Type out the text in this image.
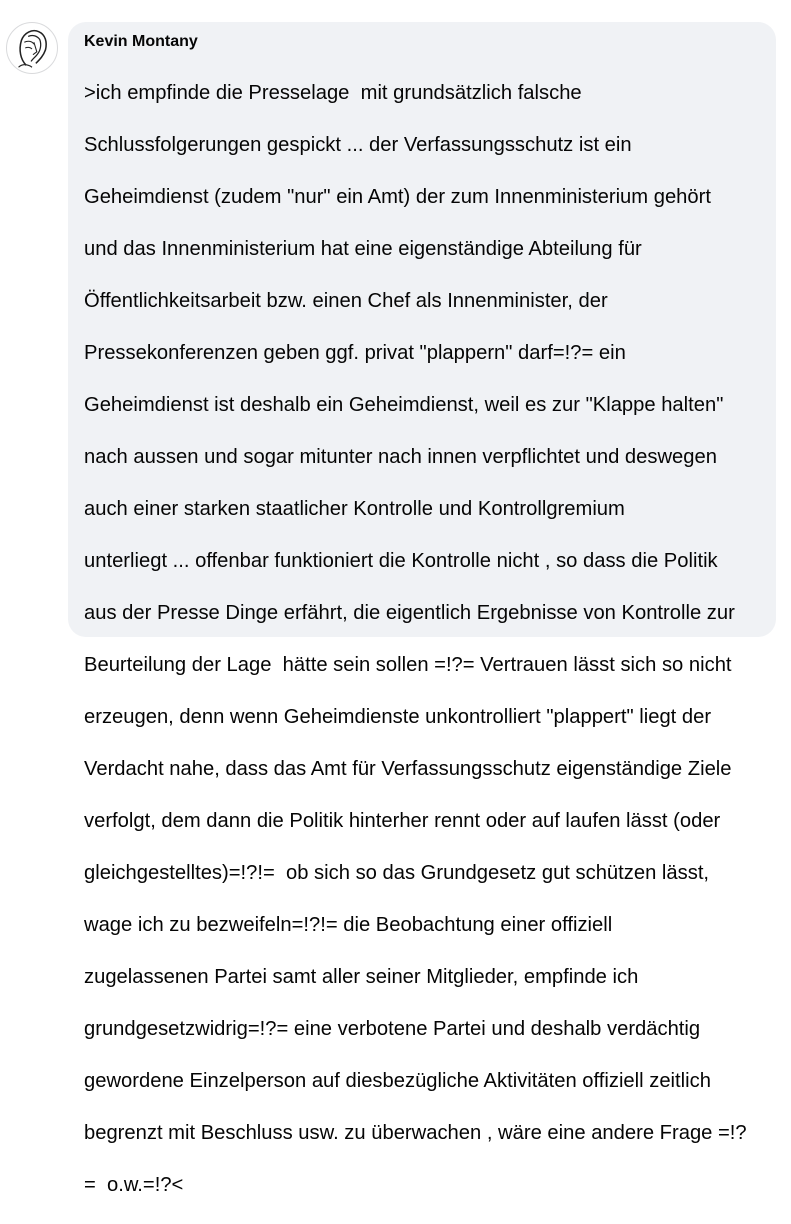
Kevin Montany

>ich empfinde die Presselage  mit grundsätzlich falsche

Schlussfolgerungen gespickt ... der Verfassungsschutz ist ein

Geheimdienst (zudem "nur" ein Amt) der zum Innenministerium gehört

und das Innenministerium hat eine eigenständige Abteilung für

Öffentlichkeitsarbeit bzw. einen Chef als Innenminister, der

Pressekonferenzen geben ggf. privat "plappern" darf=!?= ein

Geheimdienst ist deshalb ein Geheimdienst, weil es zur "Klappe halten"

nach aussen und sogar mitunter nach innen verpflichtet und deswegen

auch einer starken staatlicher Kontrolle und Kontrollgremium

unterliegt ... offenbar funktioniert die Kontrolle nicht , so dass die Politik

aus der Presse Dinge erfährt, die eigentlich Ergebnisse von Kontrolle zur

Beurteilung der Lage  hätte sein sollen =!?= Vertrauen lässt sich so nicht

erzeugen, denn wenn Geheimdienste unkontrolliert "plappert" liegt der

Verdacht nahe, dass das Amt für Verfassungsschutz eigenständige Ziele

verfolgt, dem dann die Politik hinterher rennt oder auf laufen lässt (oder

gleichgestelltes)=!?!=  ob sich so das Grundgesetz gut schützen lässt,

wage ich zu bezweifeln=!?!= die Beobachtung einer offiziell

zugelassenen Partei samt aller seiner Mitglieder, empfinde ich

grundgesetzwidrig=!?= eine verbotene Partei und deshalb verdächtig

gewordene Einzelperson auf diesbezügliche Aktivitäten offiziell zeitlich

begrenzt mit Beschluss usw. zu überwachen , wäre eine andere Frage =!?

=  o.w.=!?<
